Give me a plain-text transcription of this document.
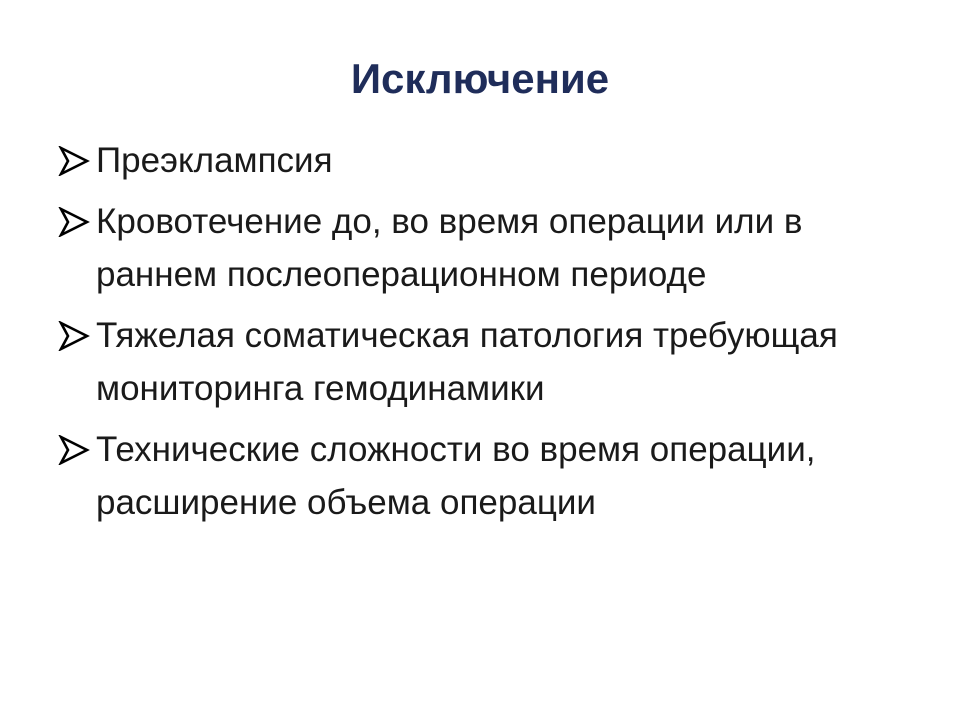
Исключение
Преэклампсия
Кровотечение до, во время операции или в раннем послеоперационном периоде
Тяжелая соматическая патология требующая мониторинга гемодинамики
Технические сложности во время операции, расширение объема операции
